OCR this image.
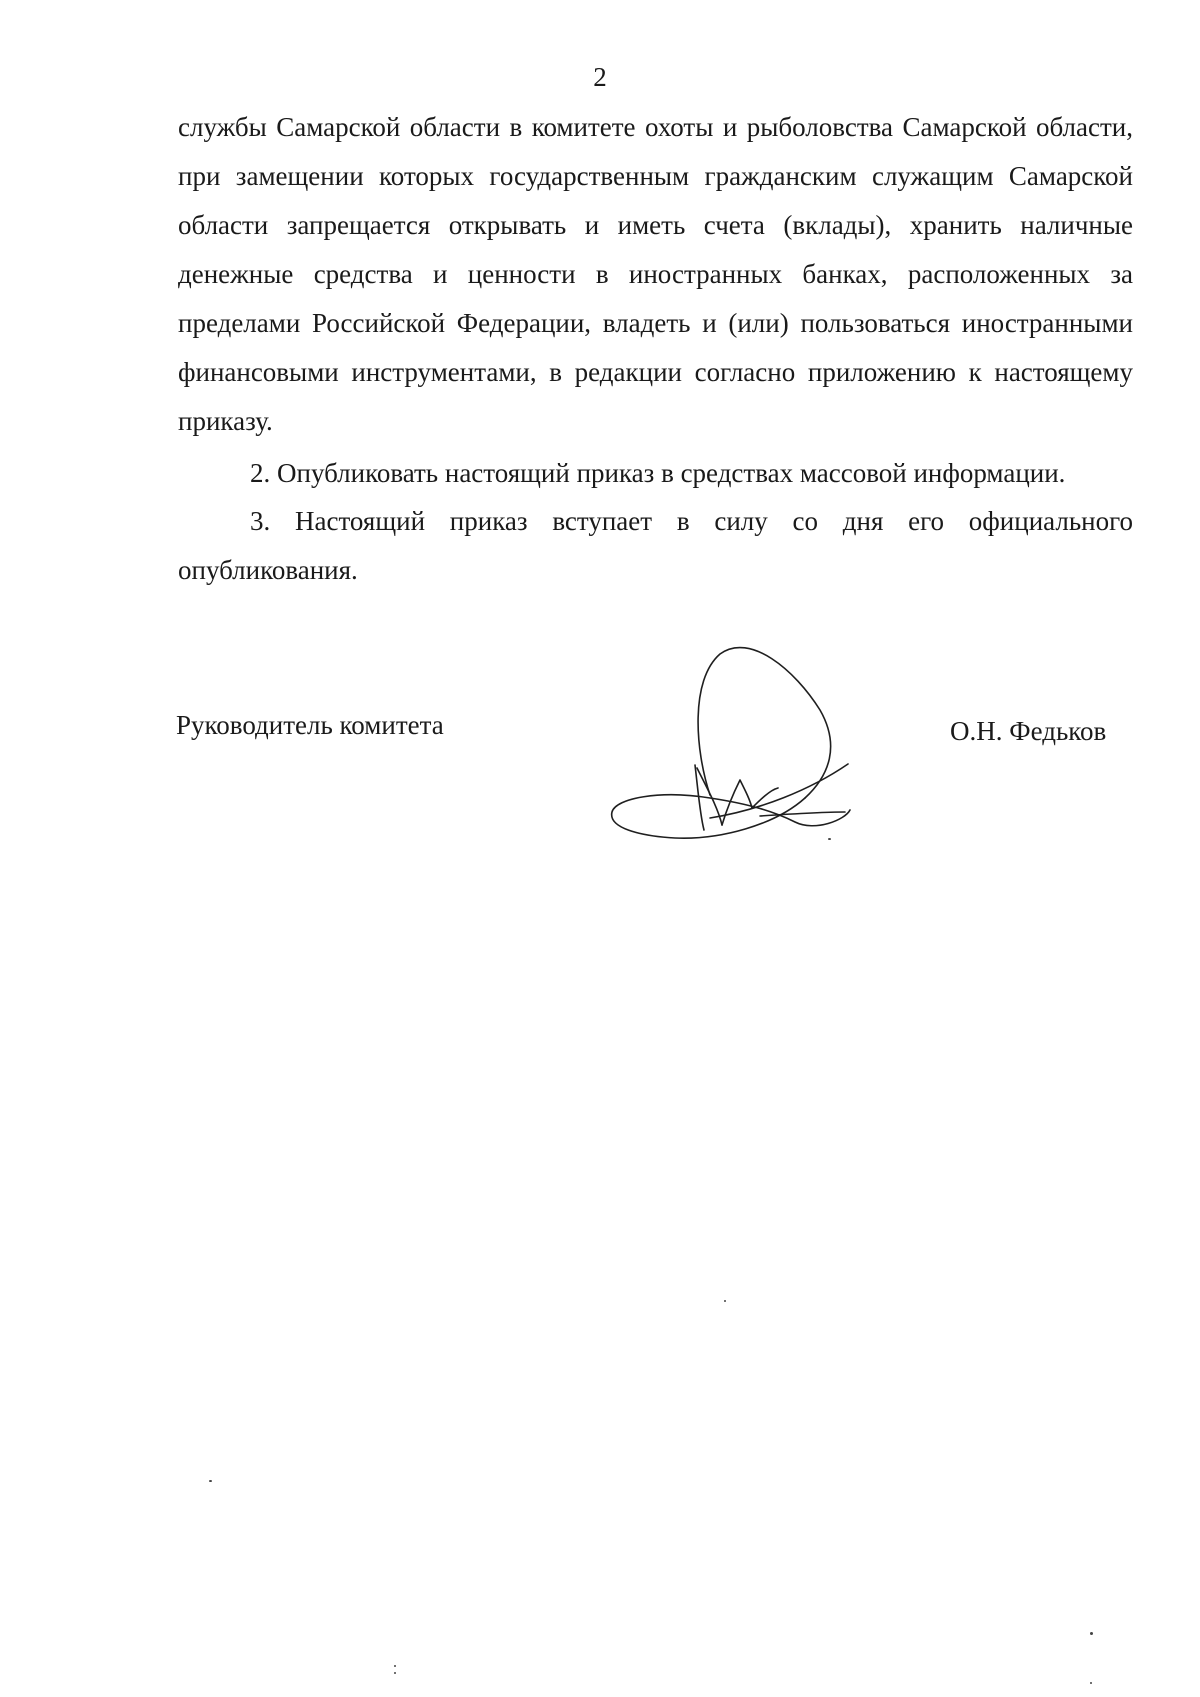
2

службы Самарской области в комитете охоты и рыболовства Самарской области, при замещении которых государственным гражданским служащим Самарской области запрещается открывать и иметь счета (вклады), хранить наличные денежные средства и ценности в иностранных банках, расположенных за пределами Российской Федерации, владеть и (или) пользоваться иностранными финансовыми инструментами, в редакции согласно приложению к настоящему приказу.

2. Опубликовать настоящий приказ в средствах массовой информации.

3. Настоящий приказ вступает в силу со дня его официального опубликования.

Руководитель комитета	О.Н. Федьков
